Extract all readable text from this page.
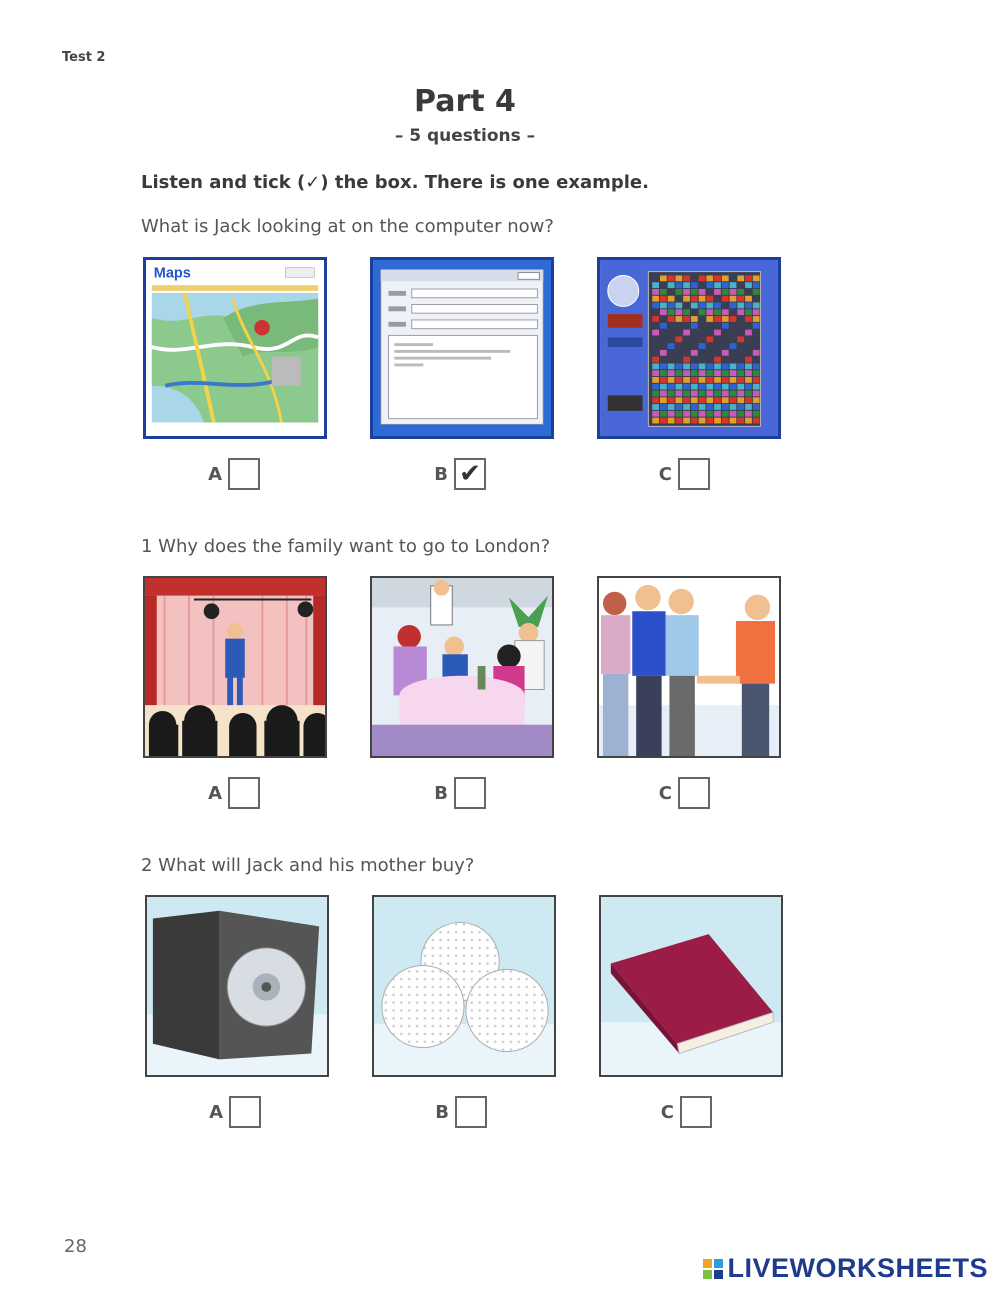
Test 2
Part 4
– 5 questions –
Listen and tick (✓) the box. There is one example.
What is Jack looking at on the computer now?
Maps
A	B ✔	C
1 Why does the family want to go to London?
A	B	C
2 What will Jack and his mother buy?
A	B	C
28
LIVEWORKSHEETS
